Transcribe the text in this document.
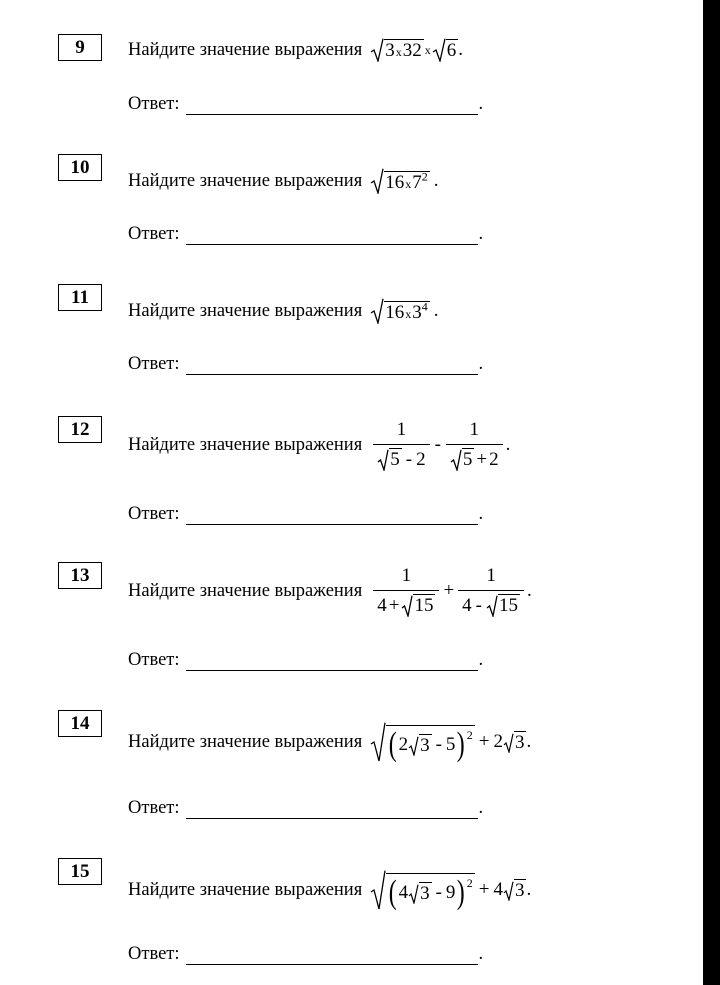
9	Найдите значение выражения 3x32 x 6 .
Ответ:	.
10
Найдите значение выражения $16x7^2$ .
Ответ:	.
11
Найдите значение выражения $16x3^4$ .
Ответ:	.
12
Найдите значение выражения $\frac{1}{5 - 2} - \frac{1}{5 + 2}$ .
Ответ:	.
13
Найдите значение выражения $\frac{1}{4 + 15} + \frac{1}{4 - 15}$ .
Ответ:	.
14
Найдите значение выражения ( 2 3 - 5 )$^2$ + 2 3 .
Ответ:	.
15
Найдите значение выражения ( 4 3 - 9 )$^2$ + 4 3 .
Ответ:	.
